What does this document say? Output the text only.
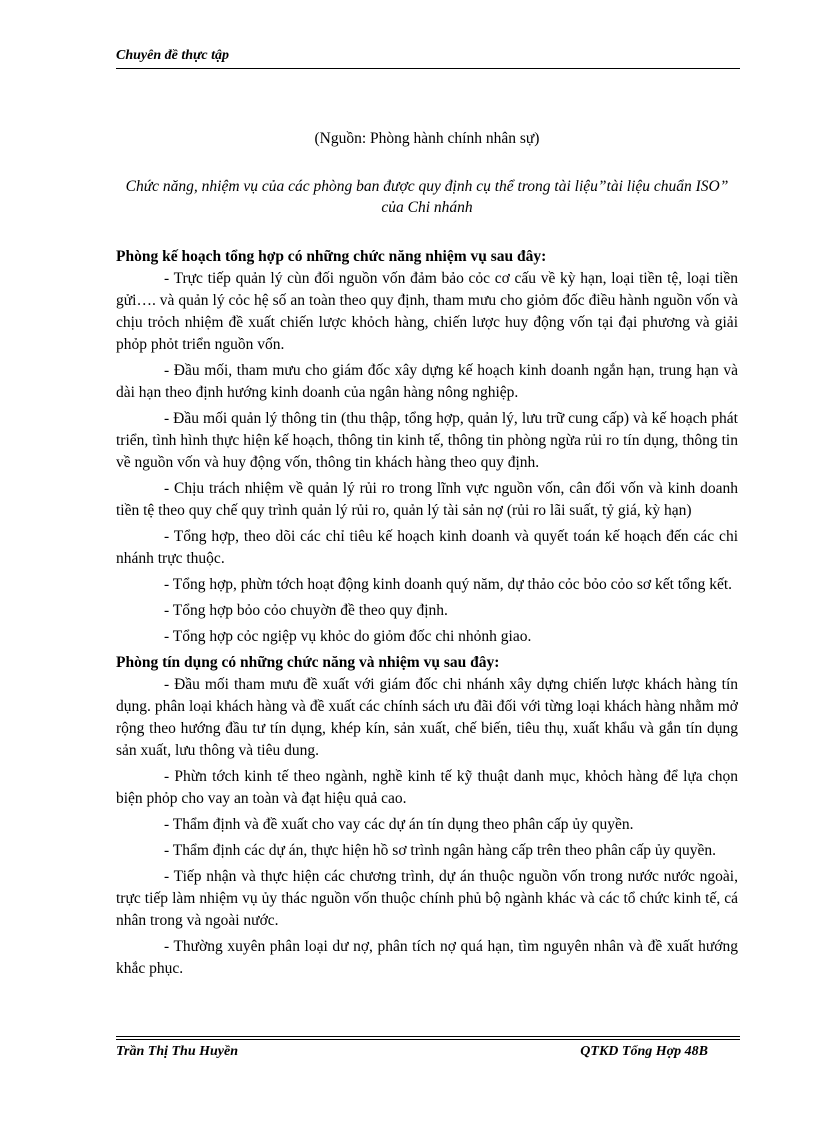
Chuyên đề thực tập
(Nguồn: Phòng hành chính nhân sự)
Chức năng, nhiệm vụ của các phòng ban được quy định cụ thể trong tài liệu”tài liệu chuẩn ISO” của Chi nhánh
Phòng kế hoạch tổng hợp có những chức năng nhiệm vụ sau đây:

- Trực tiếp quản lý cùn đối nguồn vốn đảm bảo cỏc cơ cấu về kỳ hạn, loại tiền tệ, loại tiền gửi…. và quản lý cỏc hệ số an toàn theo quy định, tham mưu cho giỏm đốc điều hành nguồn vốn và chịu trỏch nhiệm đề xuất chiến lược khỏch hàng, chiến lược huy động vốn tại đại phương và giải phỏp phỏt triển nguồn vốn.

- Đầu mối, tham mưu cho giám đốc xây dựng kế hoạch kinh doanh ngắn hạn, trung hạn và dài hạn theo định hướng kinh doanh của ngân hàng nông nghiệp.

- Đầu mối quản lý thông tin (thu thập, tổng hợp, quản lý, lưu trữ cung cấp) và kế hoạch phát triển, tình hình thực hiện kế hoạch, thông tin kinh tế, thông tin phòng ngừa rủi ro tín dụng, thông tin về nguồn vốn và huy động vốn, thông tin khách hàng theo quy định.

- Chịu trách nhiệm về quản lý rủi ro trong lĩnh vực nguồn vốn, cân đối vốn và kinh doanh tiền tệ theo quy chế quy trình quản lý rủi ro, quản lý tài sản nợ (rủi ro lãi suất, tỷ giá, kỳ hạn)

- Tổng hợp, theo dõi các chỉ tiêu kế hoạch kinh doanh và quyết toán kế hoạch đến các chi nhánh trực thuộc.

- Tổng hợp, phừn tớch hoạt động kinh doanh quý năm, dự thảo cỏc bỏo cỏo sơ kết tổng kết.

- Tổng hợp bỏo cỏo chuyờn đề theo quy định.

- Tổng hợp cỏc ngiệp vụ khỏc do giỏm đốc chi nhỏnh giao.

Phòng tín dụng có những chức năng và nhiệm vụ sau đây:

- Đầu mối tham mưu đề xuất với giám đốc chi nhánh xây dựng chiến lược khách hàng tín dụng. phân loại khách hàng và đề xuất các chính sách ưu đãi đối với từng loại khách hàng nhằm mở rộng theo hướng đầu tư tín dụng, khép kín, sản xuất, chế biến, tiêu thụ, xuất khẩu và gắn tín dụng sản xuất, lưu thông và tiêu dung.

- Phừn tớch kinh tế theo ngành, nghề kinh tế kỹ thuật danh mục, khỏch hàng để lựa chọn biện phỏp cho vay an toàn và đạt hiệu quả cao.

- Thẩm định và đề xuất cho vay các dự án tín dụng theo phân cấp ủy quyền.

- Thẩm định các dự án, thực hiện hồ sơ trình ngân hàng cấp trên theo phân cấp ủy quyền.

- Tiếp nhận và thực hiện các chương trình, dự án thuộc nguồn vốn trong nước nước ngoài, trực tiếp làm nhiệm vụ ủy thác nguồn vốn thuộc chính phủ bộ ngành khác và các tổ chức kinh tế, cá nhân trong và ngoài nước.

- Thường xuyên phân loại dư nợ, phân tích nợ quá hạn, tìm nguyên nhân và đề xuất hướng khắc phục.

Trần Thị Thu Huyền	QTKD Tổng Hợp 48B
